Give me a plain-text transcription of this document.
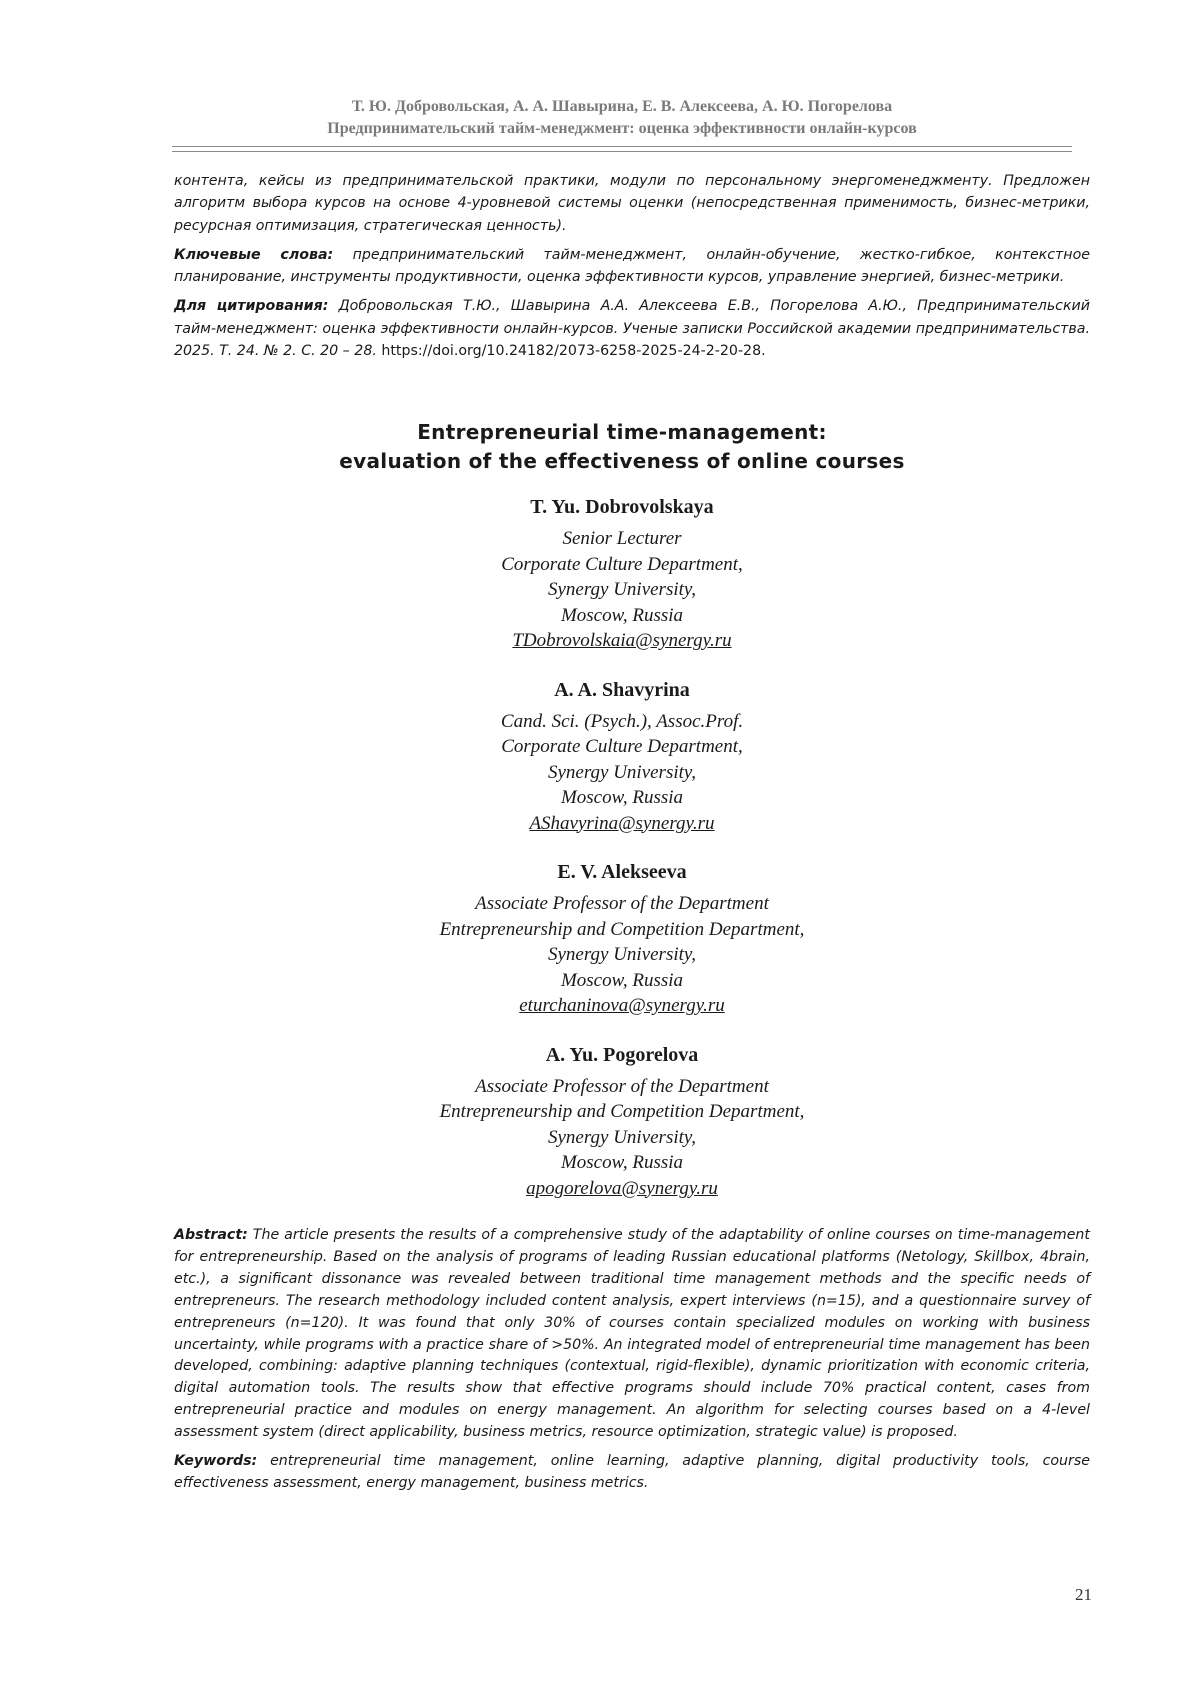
Т. Ю. Добровольская, А. А. Шавырина, Е. В. Алексеева, А. Ю. Погорелова
Предпринимательский тайм‑менеджмент: оценка эффективности онлайн‑курсов

контента, кейсы из предпринимательской практики, модули по персональному энергоменеджменту. Предложен алгоритм выбора курсов на основе 4‑уровневой системы оценки (непосредственная применимость, бизнес‑метрики, ресурсная оптимизация, стратегическая ценность).

Ключевые слова: предпринимательский тайм‑менеджмент, онлайн‑обучение, жестко‑гибкое, контекстное планирование, инструменты продуктивности, оценка эффективности курсов, управление энергией, бизнес‑метрики.

Для цитирования: Добровольская Т.Ю., Шавырина А.А. Алексеева Е.В., Погорелова А.Ю., Предпринимательский тайм‑менеджмент: оценка эффективности онлайн‑курсов. Ученые записки Российской академии предпринимательства. 2025. Т. 24. № 2. С. 20 – 28. https://doi.org/10.24182/2073-6258-2025-24-2-20-28.

Entrepreneurial time‑management:
evaluation of the effectiveness of online courses
T. Yu. Dobrovolskaya
Senior Lecturer
Corporate Culture Department,
Synergy University,
Moscow, Russia
TDobrovolskaia@synergy.ru
A. A. Shavyrina
Cand. Sci. (Psych.), Assoc.Prof.
Corporate Culture Department,
Synergy University,
Moscow, Russia
AShavyrina@synergy.ru
E. V. Alekseeva
Associate Professor of the Department
Entrepreneurship and Competition Department,
Synergy University,
Moscow, Russia
eturchaninova@synergy.ru
A. Yu. Pogorelova
Associate Professor of the Department
Entrepreneurship and Competition Department,
Synergy University,
Moscow, Russia
apogorelova@synergy.ru

Abstract: The article presents the results of a comprehensive study of the adaptability of online courses on time‑management for entrepreneurship. Based on the analysis of programs of leading Russian educational platforms (Netology, Skillbox, 4brain, etc.), a significant dissonance was revealed between traditional time management methods and the specific needs of entrepreneurs. The research methodology included content analysis, expert interviews (n=15), and a questionnaire survey of entrepreneurs (n=120). It was found that only 30% of courses contain specialized modules on working with business uncertainty, while programs with a practice share of >50%. An integrated model of entrepreneurial time management has been developed, combining: adaptive planning techniques (contextual, rigid‑flexible), dynamic prioritization with economic criteria, digital automation tools. The results show that effective programs should include 70% practical content, cases from entrepreneurial practice and modules on energy management. An algorithm for selecting courses based on a 4‑level assessment system (direct applicability, business metrics, resource optimization, strategic value) is proposed.

Keywords: entrepreneurial time management, online learning, adaptive planning, digital productivity tools, course effectiveness assessment, energy management, business metrics.

21
